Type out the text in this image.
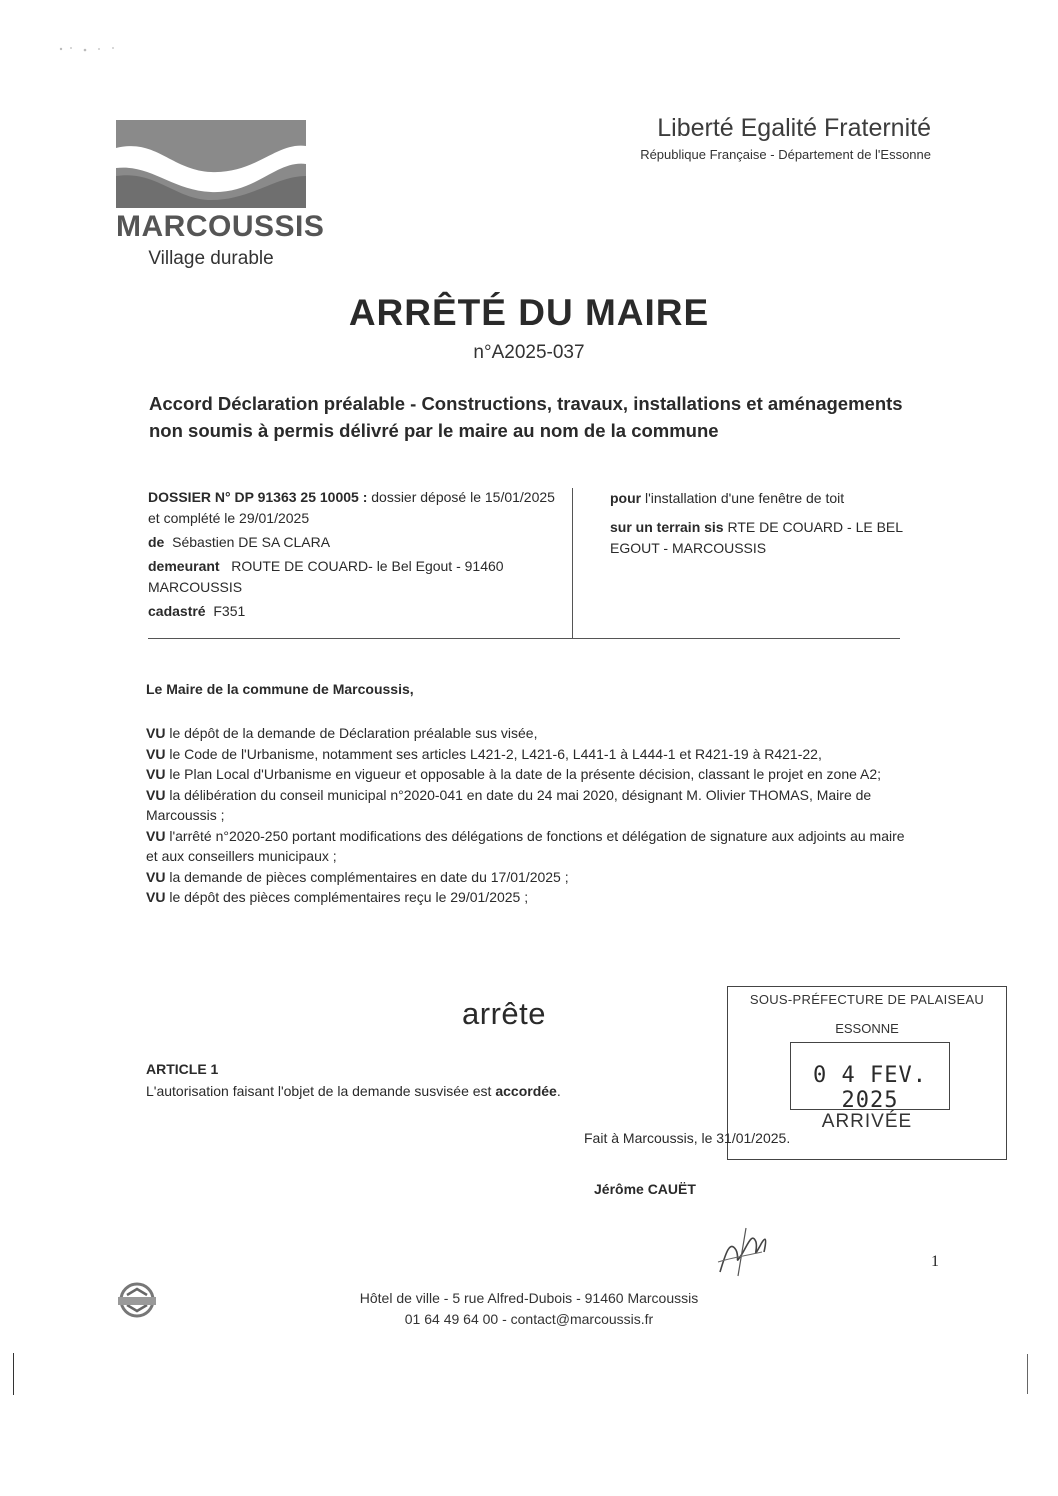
MARCOUSSIS
Village durable
Liberté Egalité Fraternité
République Française - Département de l'Essonne
ARRÊTÉ DU MAIRE
n°A2025-037
Accord Déclaration préalable - Constructions, travaux, installations et aménagements non soumis à permis délivré par le maire au nom de la commune
DOSSIER N° DP 91363 25 10005 : dossier déposé le 15/01/2025 et complété le 29/01/2025
de Sébastien DE SA CLARA
demeurant ROUTE DE COUARD- le Bel Egout - 91460 MARCOUSSIS
cadastré F351
pour l'installation d'une fenêtre de toit
sur un terrain sis RTE DE COUARD - LE BEL EGOUT - MARCOUSSIS
Le Maire de la commune de Marcoussis,

VU le dépôt de la demande de Déclaration préalable sus visée,

VU le Code de l'Urbanisme, notamment ses articles L421-2, L421-6, L441-1 à L444-1 et R421-19 à R421-22,

VU le Plan Local d'Urbanisme en vigueur et opposable à la date de la présente décision, classant le projet en zone A2;

VU la délibération du conseil municipal n°2020-041 en date du 24 mai 2020, désignant M. Olivier THOMAS, Maire de Marcoussis ;

VU l'arrêté n°2020-250 portant modifications des délégations de fonctions et délégation de signature aux adjoints au maire et aux conseillers municipaux ;

VU la demande de pièces complémentaires en date du 17/01/2025 ;

VU le dépôt des pièces complémentaires reçu le 29/01/2025 ;

arrête
ARTICLE 1
L'autorisation faisant l'objet de la demande susvisée est accordée.
SOUS-PRÉFECTURE DE PALAISEAU
ESSONNE
0 4 FEV. 2025
ARRIVÉE
Fait à Marcoussis, le 31/01/2025.
Jérôme CAUËT
1
Hôtel de ville - 5 rue Alfred-Dubois - 91460 Marcoussis
01 64 49 64 00 - contact@marcoussis.fr
